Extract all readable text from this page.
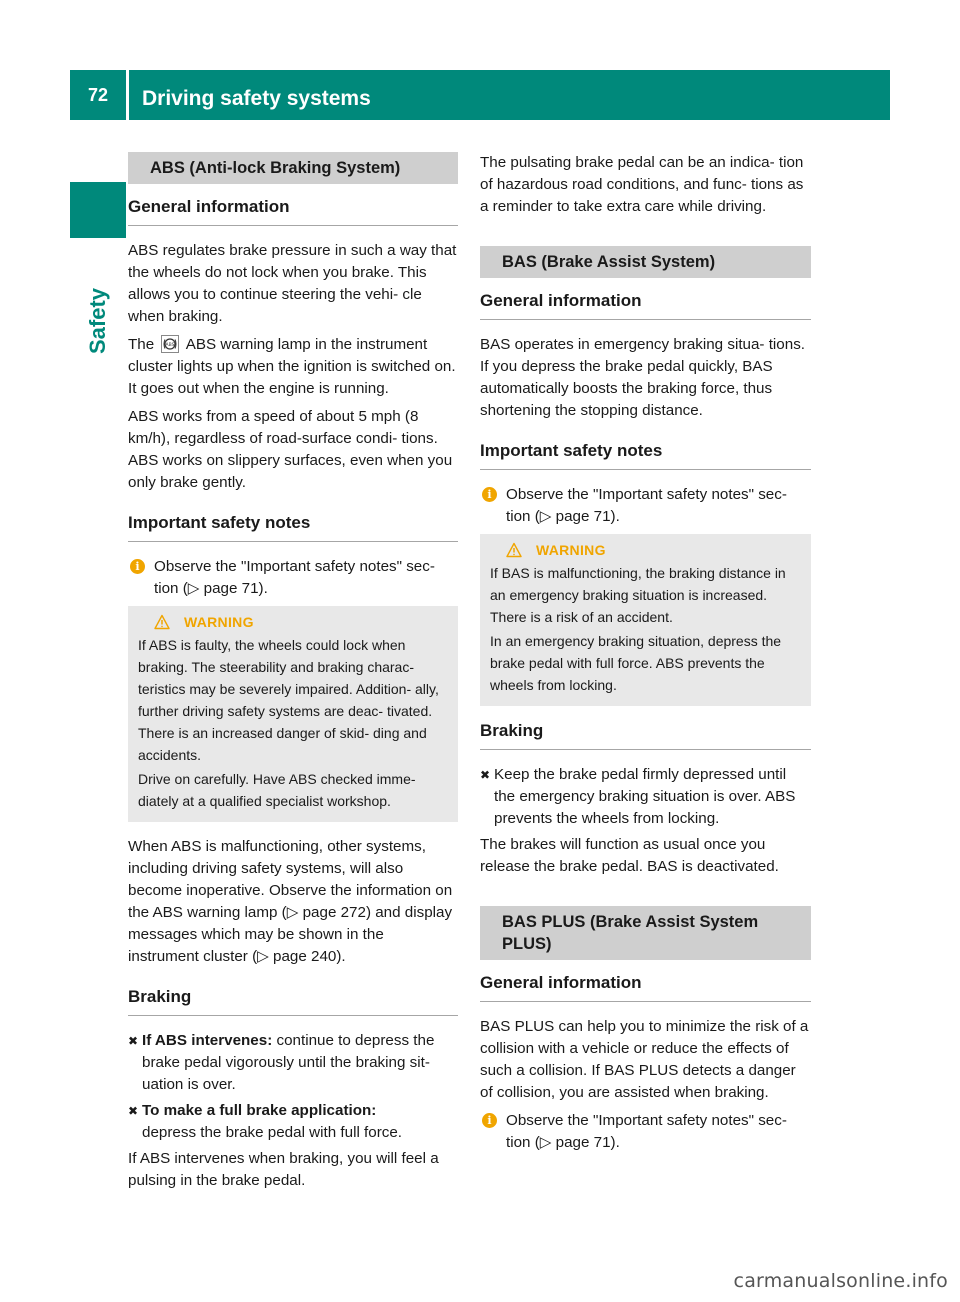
72	Driving safety systems
Safety
ABS (Anti-lock Braking System)
General information

ABS regulates brake pressure in such a way that the wheels do not lock when you brake. This allows you to continue steering the vehi- cle when braking.

The	ABS ABS warning lamp in the instrument cluster lights up when the ignition is switched on. It goes out when the engine is running.

ABS works from a speed of about 5 mph (8 km/h), regardless of road-surface condi- tions. ABS works on slippery surfaces, even when you only brake gently.

Important safety notes
i Observe the "Important safety notes" sec- tion (▷ page 71).
WARNING

If ABS is faulty, the wheels could lock when braking. The steerability and braking charac- teristics may be severely impaired. Addition- ally, further driving safety systems are deac- tivated. There is an increased danger of skid- ding and accidents.

Drive on carefully. Have ABS checked imme- diately at a qualified specialist workshop.

When ABS is malfunctioning, other systems, including driving safety systems, will also become inoperative. Observe the information on the ABS warning lamp (▷ page 272) and display messages which may be shown in the instrument cluster (▷ page 240).

Braking
✖ If ABS intervenes: continue to depress the brake pedal vigorously until the braking sit- uation is over.
✖ To make a full brake application:
depress the brake pedal with full force.

If ABS intervenes when braking, you will feel a pulsing in the brake pedal.

The pulsating brake pedal can be an indica- tion of hazardous road conditions, and func- tions as a reminder to take extra care while driving.

BAS (Brake Assist System)
General information

BAS operates in emergency braking situa- tions. If you depress the brake pedal quickly, BAS automatically boosts the braking force, thus shortening the stopping distance.

Important safety notes
i Observe the "Important safety notes" sec- tion (▷ page 71).
WARNING

If BAS is malfunctioning, the braking distance in an emergency braking situation is increased. There is a risk of an accident.

In an emergency braking situation, depress the brake pedal with full force. ABS prevents the wheels from locking.

Braking
✖ Keep the brake pedal firmly depressed until the emergency braking situation is over. ABS prevents the wheels from locking.

The brakes will function as usual once you release the brake pedal. BAS is deactivated.

BAS PLUS (Brake Assist System PLUS)
General information

BAS PLUS can help you to minimize the risk of a collision with a vehicle or reduce the effects of such a collision. If BAS PLUS detects a danger of collision, you are assisted when braking.

i Observe the "Important safety notes" sec- tion (▷ page 71).
carmanualsonline.info
